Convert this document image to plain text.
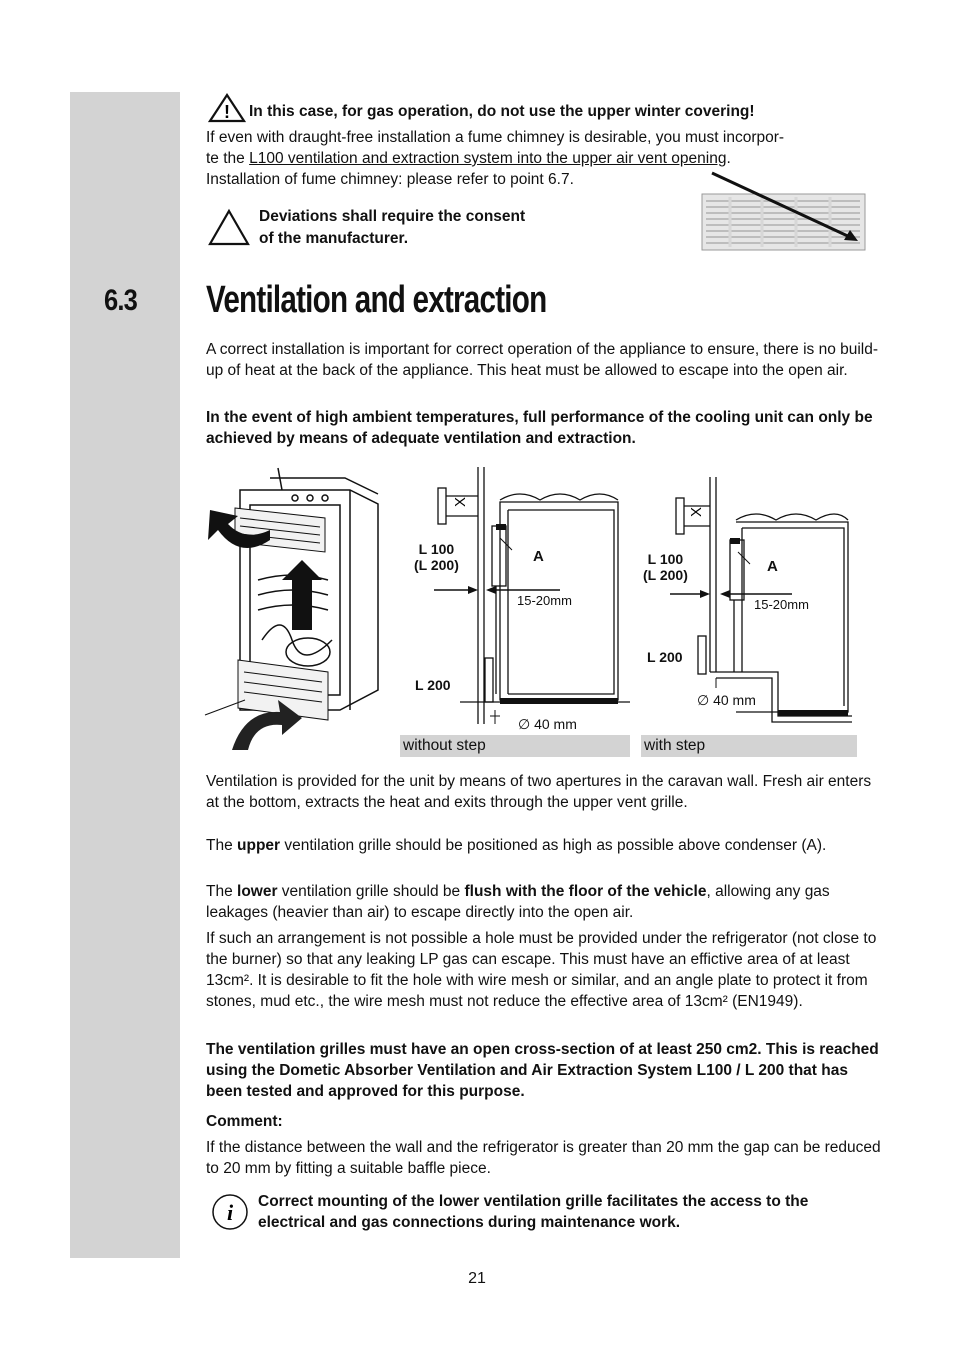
! In this case, for gas operation, do not use the upper winter covering!
If even with draught-free installation a fume chimney is desirable, you must incorpor-
te the L100 ventilation and extraction system into the upper air vent opening.
Installation of fume chimney: please refer to point 6.7.
Deviations shall require the consent
of the manufacturer.
6.3 Ventilation and extraction

A correct installation is important for correct operation of the appliance to ensure, there is no build-up of heat at the back of the appliance. This heat must be allowed to escape into the open air.

In the event of high ambient temperatures, full performance of the cooling unit can only be achieved by means of adequate ventilation and extraction.

X
L 100
(L 200)	A
15-20mm
L 200
∅ 40 mm
without step
X
L 100
(L 200)	A
15-20mm
L 200
∅ 40 mm
with step

Ventilation is provided for the unit by means of two apertures in the caravan wall. Fresh air enters at the bottom, extracts the heat and exits through the upper vent grille.

The upper ventilation grille should be positioned as high as possible above condenser (A).

The lower ventilation grille should be flush with the floor of the vehicle, allowing any gas leakages (heavier than air) to escape directly into the open air.

If such an arrangement is not possible a hole must be provided under the refrigerator (not close to the burner) so that any leaking LP gas can escape. This must have an effictive area of at least 13cm². It is desirable to fit the hole with wire mesh or similar, and an angle plate to protect it from stones, mud etc., the wire mesh must not reduce the effective area of 13cm² (EN1949).

The ventilation grilles must have an open cross-section of at least 250 cm2. This is reached using the Dometic Absorber Ventilation and Air Extraction System L100 / L 200 that has been tested and approved for this purpose.

Comment:

If the distance between the wall and the refrigerator is greater than 20 mm the gap can be reduced to 20 mm by fitting a suitable baffle piece.

i Correct mounting of the lower ventilation grille facilitates the access to the electrical and gas connections during maintenance work.

21
